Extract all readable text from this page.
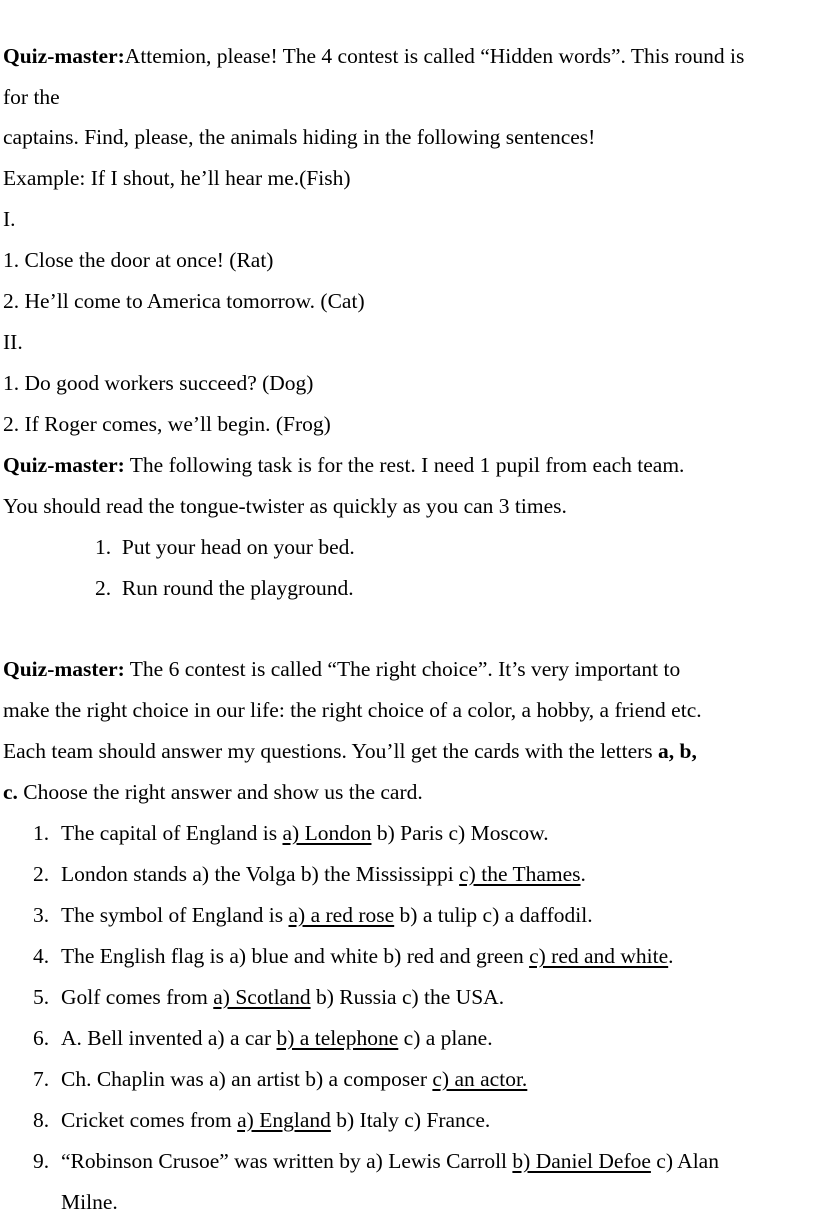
Quiz-master:Attemion, please! The 4 contest is called “Hidden words”. This round is
for the
captains. Find, please, the animals hiding in the following sentences!
Example: If I shout, he’ll hear me.(Fish)
I.
1. Close the door at once! (Rat)
2. He’ll come to America tomorrow. (Cat)
II.
1. Do good workers succeed? (Dog)
2. If Roger comes, we’ll begin. (Frog)
Quiz-master: The following task is for the rest. I need 1 pupil from each team.
You should read the tongue-twister as quickly as you can 3 times.
1. Put your head on your bed.
2. Run round the playground.
Quiz-master: The 6 contest is called “The right choice”. It’s very important to
make the right choice in our life: the right choice of a color, a hobby, a friend etc.
Each team should answer my questions. You’ll get the cards with the letters a, b,
c. Choose the right answer and show us the card.
1. The capital of England is a) London b) Paris c) Moscow.
2. London stands a) the Volga b) the Mississippi c) the Thames.
3. The symbol of England is a) a red rose b) a tulip c) a daffodil.
4. The English flag is a) blue and white b) red and green c) red and white.
5. Golf comes from a) Scotland b) Russia c) the USA.
6. A. Bell invented a) a car b) a telephone c) a plane.
7. Ch. Chaplin was a) an artist b) a composer c) an actor.
8. Cricket comes from a) England b) Italy c) France.
9. “Robinson Crusoe” was written by a) Lewis Carroll b) Daniel Defoe c) Alan
Milne.
